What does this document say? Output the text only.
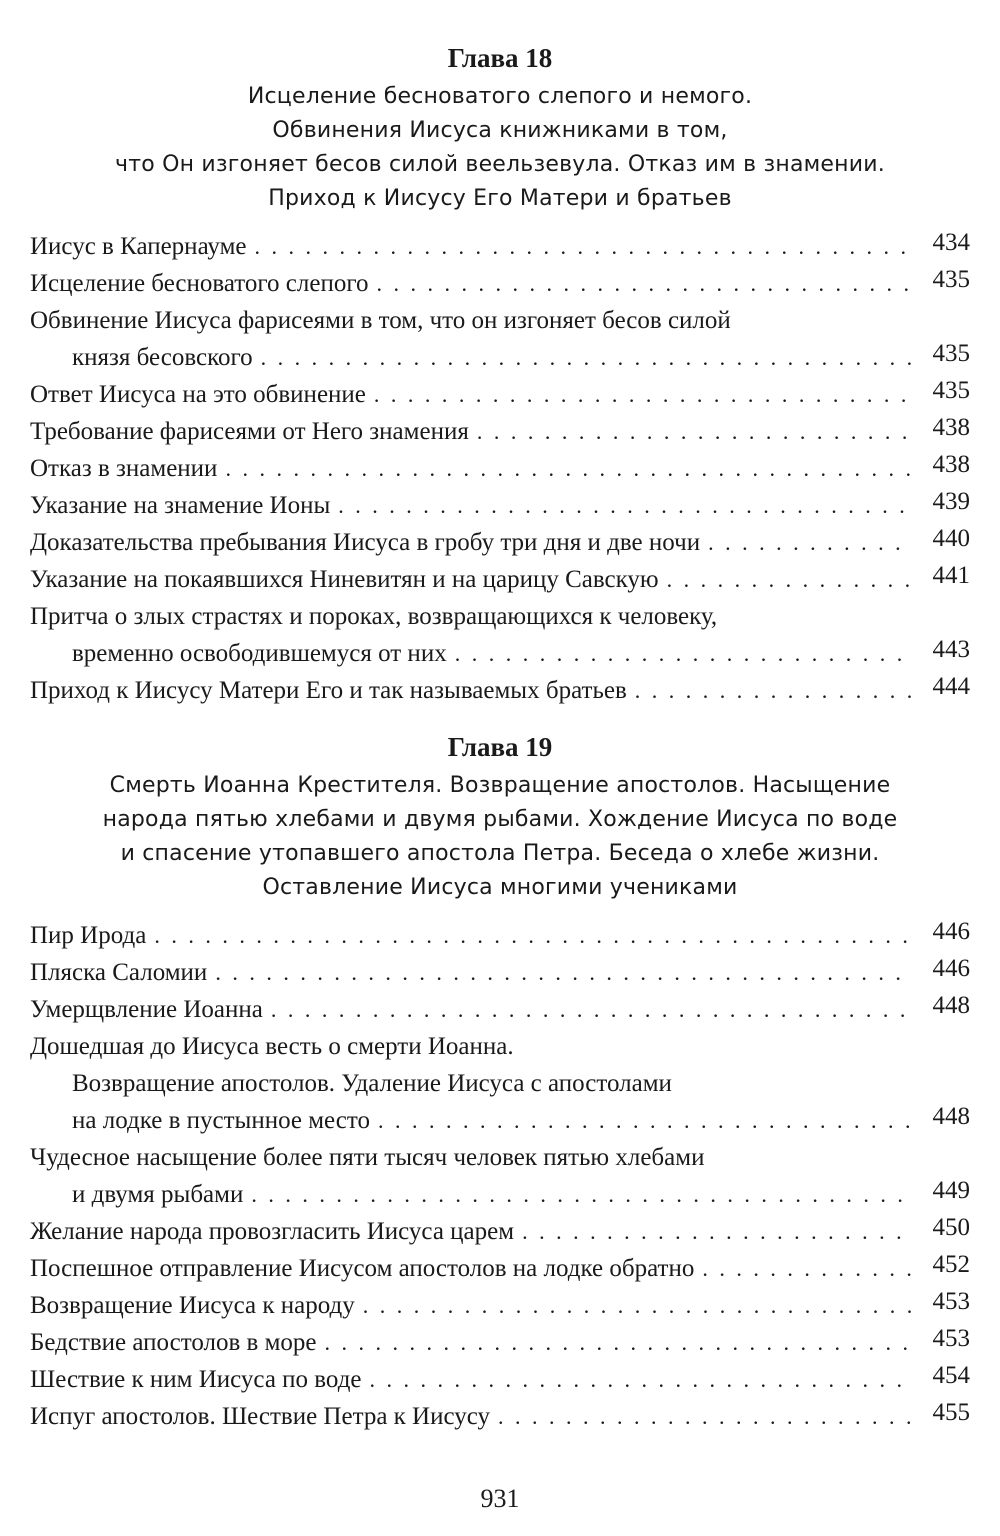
Глава 18
Исцеление бесноватого слепого и немого.
Обвинения Иисуса книжниками в том,
что Он изгоняет бесов силой веельзевула. Отказ им в знамении.
Приход к Иисусу Его Матери и братьев
Иисус в Капернауме . . .	434
Исцеление бесноватого слепого . . .	435
Обвинение Иисуса фарисеями в том, что он изгоняет бесов силой
князя бесовского . . .	435
Ответ Иисуса на это обвинение . . .	435
Требование фарисеями от Него знамения . . .	438
Отказ в знамении . . .	438
Указание на знамение Ионы . . .	439
Доказательства пребывания Иисуса в гробу три дня и две ночи . . .	440
Указание на покаявшихся Ниневитян и на царицу Савскую . . .	441
Притча о злых страстях и пороках, возвращающихся к человеку,
временно освободившемуся от них . . .	443
Приход к Иисусу Матери Его и так называемых братьев . . .	444
Глава 19
Смерть Иоанна Крестителя. Возвращение апостолов. Насыщение
народа пятью хлебами и двумя рыбами. Хождение Иисуса по воде
и спасение утопавшего апостола Петра. Беседа о хлебе жизни.
Оставление Иисуса многими учениками
Пир Ирода . . .	446
Пляска Саломии . . .	446
Умерщвление Иоанна . . .	448
Дошедшая до Иисуса весть о смерти Иоанна.
Возвращение апостолов. Удаление Иисуса с апостолами
на лодке в пустынное место . . .	448
Чудесное насыщение более пяти тысяч человек пятью хлебами
и двумя рыбами . . .	449
Желание народа провозгласить Иисуса царем . . .	450
Поспешное отправление Иисусом апостолов на лодке обратно . . .	452
Возвращение Иисуса к народу . . .	453
Бедствие апостолов в море . . .	453
Шествие к ним Иисуса по воде . . .	454
Испуг апостолов. Шествие Петра к Иисусу . . .	455
931
